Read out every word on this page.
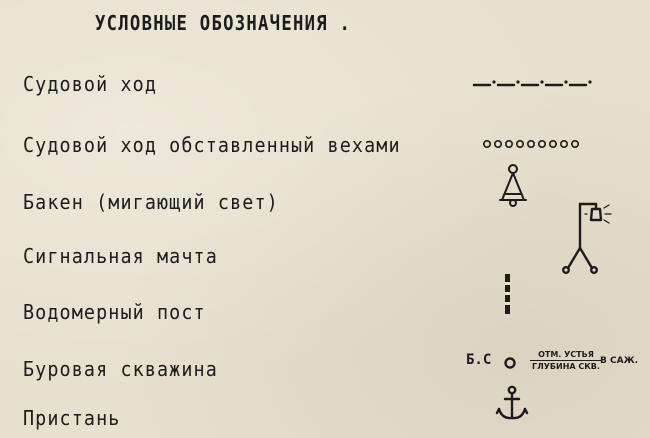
УСЛОВНЫЕ ОБОЗНАЧЕНИЯ .
Судовой ход
Судовой ход обставленный вехами
Бакен (мигающий свет)
Сигнальная мачта
Водомерный пост
Буровая скважина
Пристань
Б.С	ОТМ. УСТЬЯ
ГЛУБИНА СКВ.
В САЖ.
